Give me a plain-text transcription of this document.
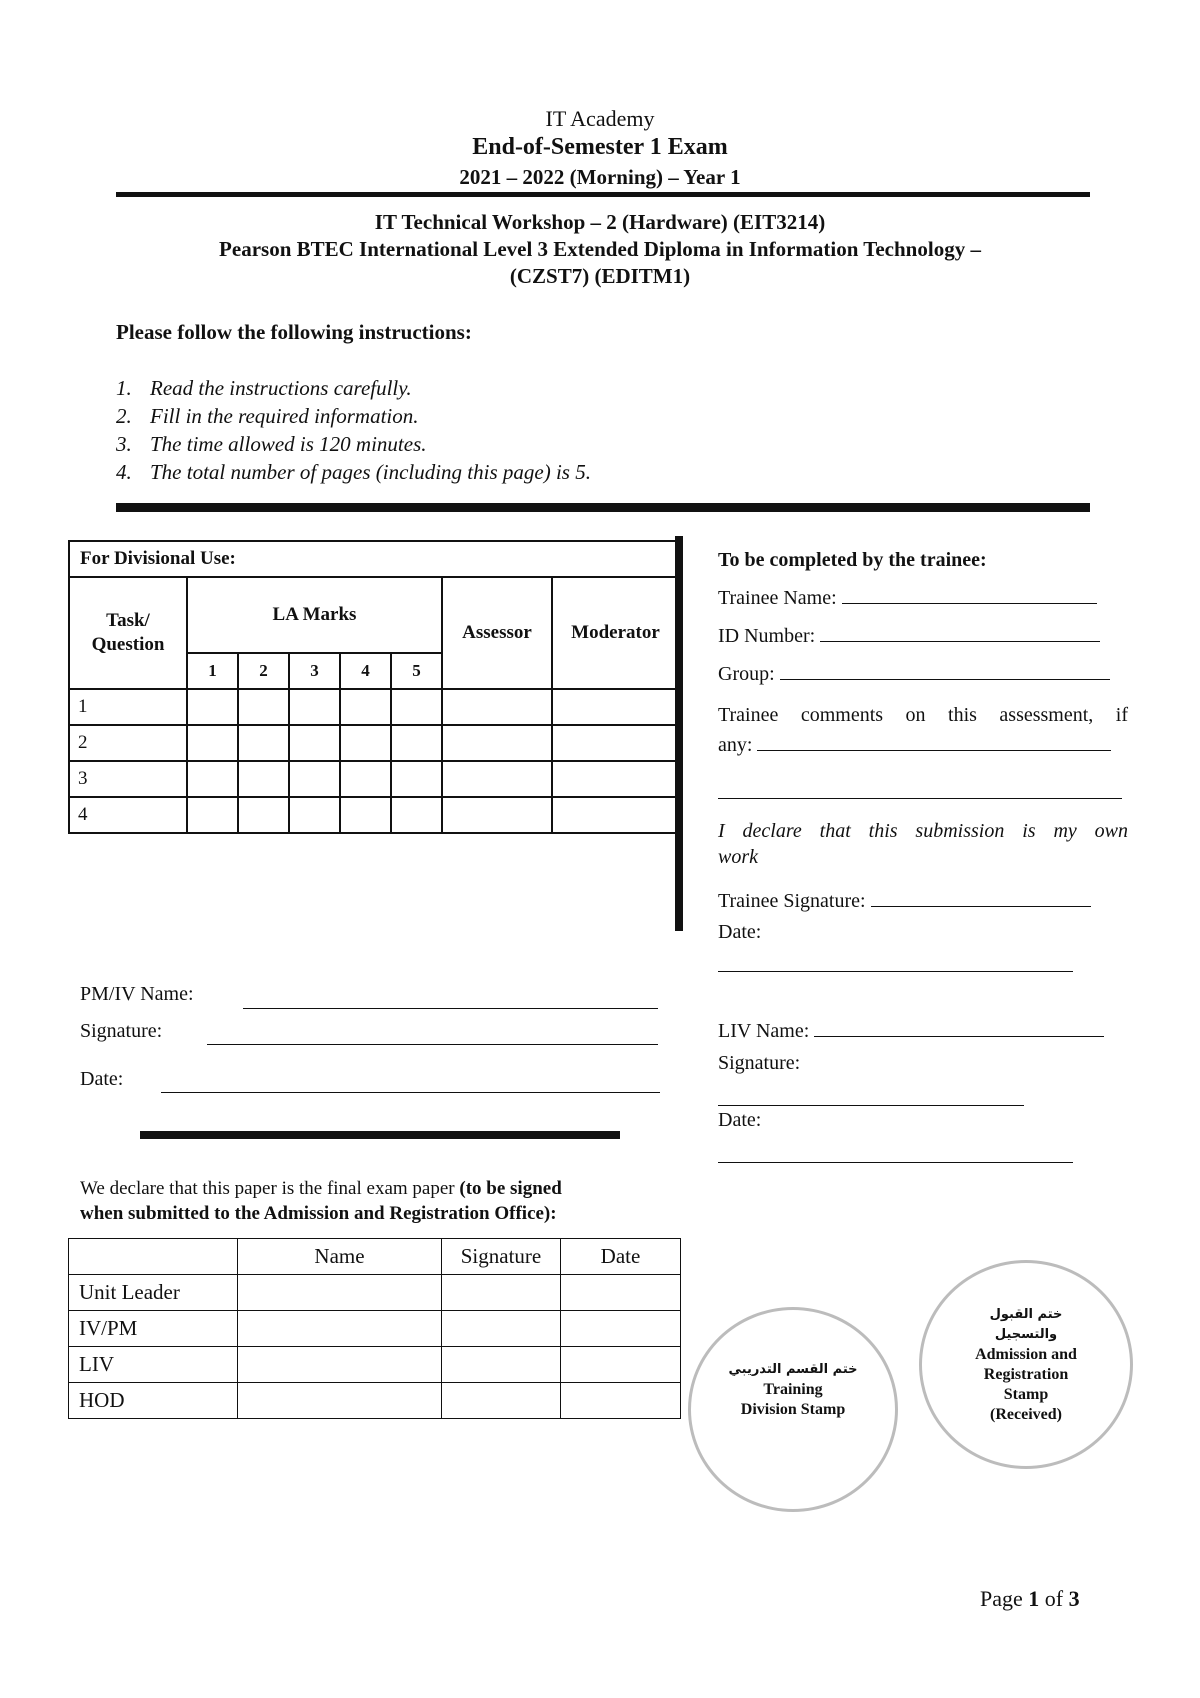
IT Academy
End-of-Semester 1 Exam
2021 – 2022 (Morning) – Year 1
IT Technical Workshop – 2 (Hardware) (EIT3214)
Pearson BTEC International Level 3 Extended Diploma in Information Technology –
(CZST7) (EDITM1)
Please follow the following instructions:
1. Read the instructions carefully.
2. Fill in the required information.
3. The time allowed is 120 minutes.
4. The total number of pages (including this page) is 5.
For Divisional Use:							
Task/ Question	LA Marks					Assessor	Moderator
	1	2	3	4	5		
1							
2							
3							
4							
To be completed by the trainee:
Trainee Name:
ID Number:
Group:
Trainee comments on this assessment, if
any:
I declare that this submission is my own work
Trainee Signature:
Date:
PM/IV Name:
Signature:
Date:
LIV Name:
Signature:
Date:
We declare that this paper is the final exam paper (to be signed
when submitted to the Admission and Registration Office):
	Name	Signature	Date
Unit Leader			
IV/PM			
LIV			
HOD			
ختم القسم التدريبي
Training
Division Stamp
ختم القبول
والتسجيل
Admission and
Registration
Stamp
(Received)
Page 1 of 3
